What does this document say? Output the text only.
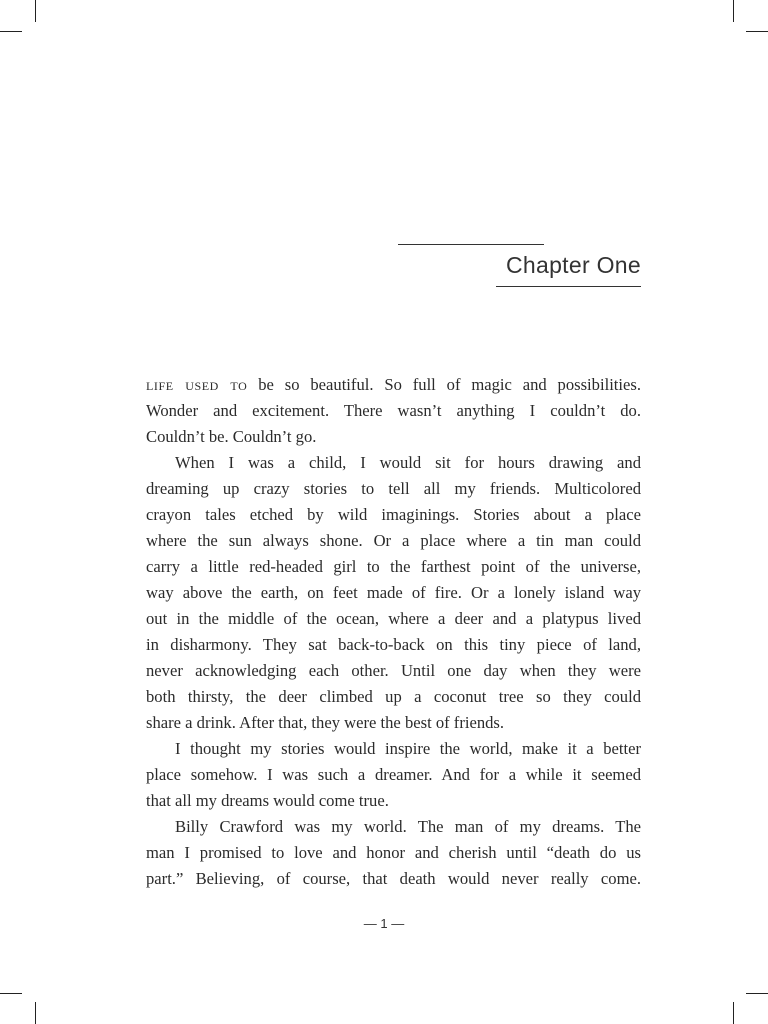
Chapter One
life used to be so beautiful. So full of magic and possibilities.
Wonder and excitement. There wasn’t anything I couldn’t do.
Couldn’t be. Couldn’t go.
When I was a child, I would sit for hours drawing and
dreaming up crazy stories to tell all my friends. Multicolored
crayon tales etched by wild imaginings. Stories about a place
where the sun always shone. Or a place where a tin man could
carry a little red-headed girl to the farthest point of the universe,
way above the earth, on feet made of fire. Or a lonely island way
out in the middle of the ocean, where a deer and a platypus lived
in disharmony. They sat back-to-back on this tiny piece of land,
never acknowledging each other. Until one day when they were
both thirsty, the deer climbed up a coconut tree so they could
share a drink. After that, they were the best of friends.
I thought my stories would inspire the world, make it a better
place somehow. I was such a dreamer. And for a while it seemed
that all my dreams would come true.
Billy Crawford was my world. The man of my dreams. The
man I promised to love and honor and cherish until “death do us
part.” Believing, of course, that death would never really come.
— 1 —
